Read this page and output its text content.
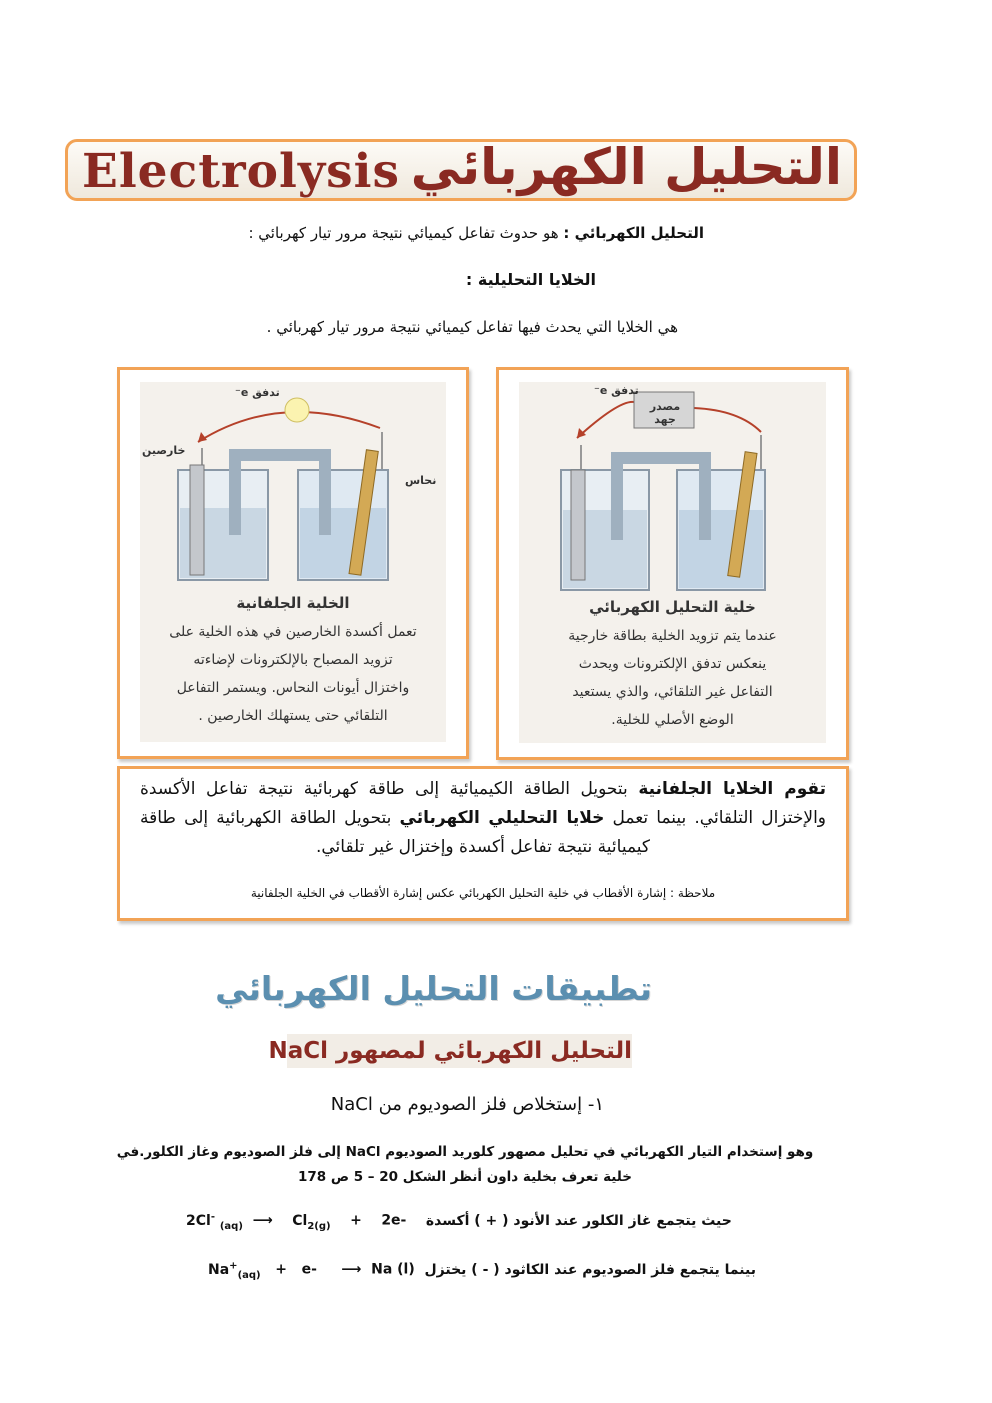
Electrolysis التحليل الكهربائي
التحليل الكهربائي : هو حدوث تفاعل كيميائي نتيجة مرور تيار كهربائي :
الخلايا التحليلية :
هي الخلايا التي يحدث فيها تفاعل كيميائي نتيجة مرور تيار كهربائي .
تدفق e⁻
خارصين
نحاس
الخلية الجلفانية
تعمل أكسدة الخارصين في هذه الخلية على
تزويد المصباح بالإلكترونات لإضاءته
واختزال أيونات النحاس. ويستمر التفاعل
التلقائي حتى يستهلك الخارصين .
تدفق e⁻
مصدر جهد
خلية التحليل الكهربائي
عندما يتم تزويد الخلية بطاقة خارجية
ينعكس تدفق الإلكترونات ويحدث
التفاعل غير التلقائي، والذي يستعيد
الوضع الأصلي للخلية.
تقوم الخلايا الجلفانية بتحويل الطاقة الكيميائية إلى طاقة كهربائية نتيجة تفاعل الأكسدة والإختزال التلقائي. بينما تعمل خلايا التحليلي الكهربائي بتحويل الطاقة الكهربائية إلى طاقة كيميائية نتيجة تفاعل أكسدة وإختزال غير تلقائي.
ملاحظة : إشارة الأقطاب في خلية التحليل الكهربائي عكس إشارة الأقطاب في الخلية الجلفانية
تطبيقات التحليل الكهربائي
التحليل الكهربائي لمصهور NaCl
١- إستخلاص فلز الصوديوم من NaCl
وهو إستخدام التيار الكهربائي في تحليل مصهور كلوريد الصوديوم NaCl إلى فلز الصوديوم وغاز الكلور.في خلية تعرف بخلية داون أنظر الشكل 20 – 5 ص 178
2Cl- $_{(aq)}$ ⟶ $Cl_{2(g)} + 2e-$ حيث يتجمع غاز الكلور عند الأنود ( + ) أكسدة
$Na^+_{(aq)} + e-$ ⟶ Na (l) بينما يتجمع فلز الصوديوم عند الكاثود ( - ) يختزل
